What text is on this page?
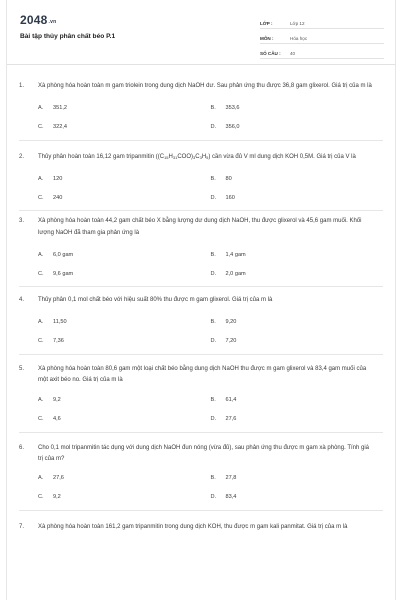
$2048^{.vn}$
Bài tập thủy phân chất béo P.1
LỚP :	Lớp 12
MÔN :	Hóa học
SỐ CÂU :	40
1.	Xà phòng hóa hoàn toàn m gam triolein trong dung dịch NaOH dư. Sau phản ứng thu được 36,8 gam glixerol. Giá trị của m là
A.	351,2	B.	353,6
C.	322,4	D.	356,0
2.	Thủy phân hoàn toàn 16,12 gam tripanmitin $((C_{15}H_{31}COO)_3C_3H_5)$ cần vừa đủ V ml dung dịch KOH 0,5M. Giá trị của V là
A.	120	B.	80
C.	240	D.	160
3.	Xà phòng hóa hoàn toàn 44,2 gam chất béo X bằng lượng dư dung dịch NaOH, thu được glixerol và 45,6 gam muối. Khối lượng NaOH đã tham gia phản ứng là
A.	6,0 gam	B.	1,4 gam
C.	9,6 gam	D.	2,0 gam
4.	Thủy phân 0,1 mol chất béo với hiệu suất 80% thu được m gam glixerol. Giá trị của m là
A.	11,50	B.	9,20
C.	7,36	D.	7,20
5.	Xà phòng hóa hoàn toàn 80,6 gam một loại chất béo bằng dung dịch NaOH thu được m gam glixerol và 83,4 gam muối của một axit béo no. Giá trị của m là
A.	9,2	B.	61,4
C.	4,6	D.	27,6
6.	Cho 0,1 mol tripanmitin tác dụng với dung dịch NaOH đun nóng (vừa đủ), sau phản ứng thu được m gam xà phòng. Tính giá trị của m?
A.	27,6	B.	27,8
C.	9,2	D.	83,4
7.	Xà phòng hóa hoàn toàn 161,2 gam tripanmitin trong dung dịch KOH, thu được m gam kali panmitat. Giá trị của m là
